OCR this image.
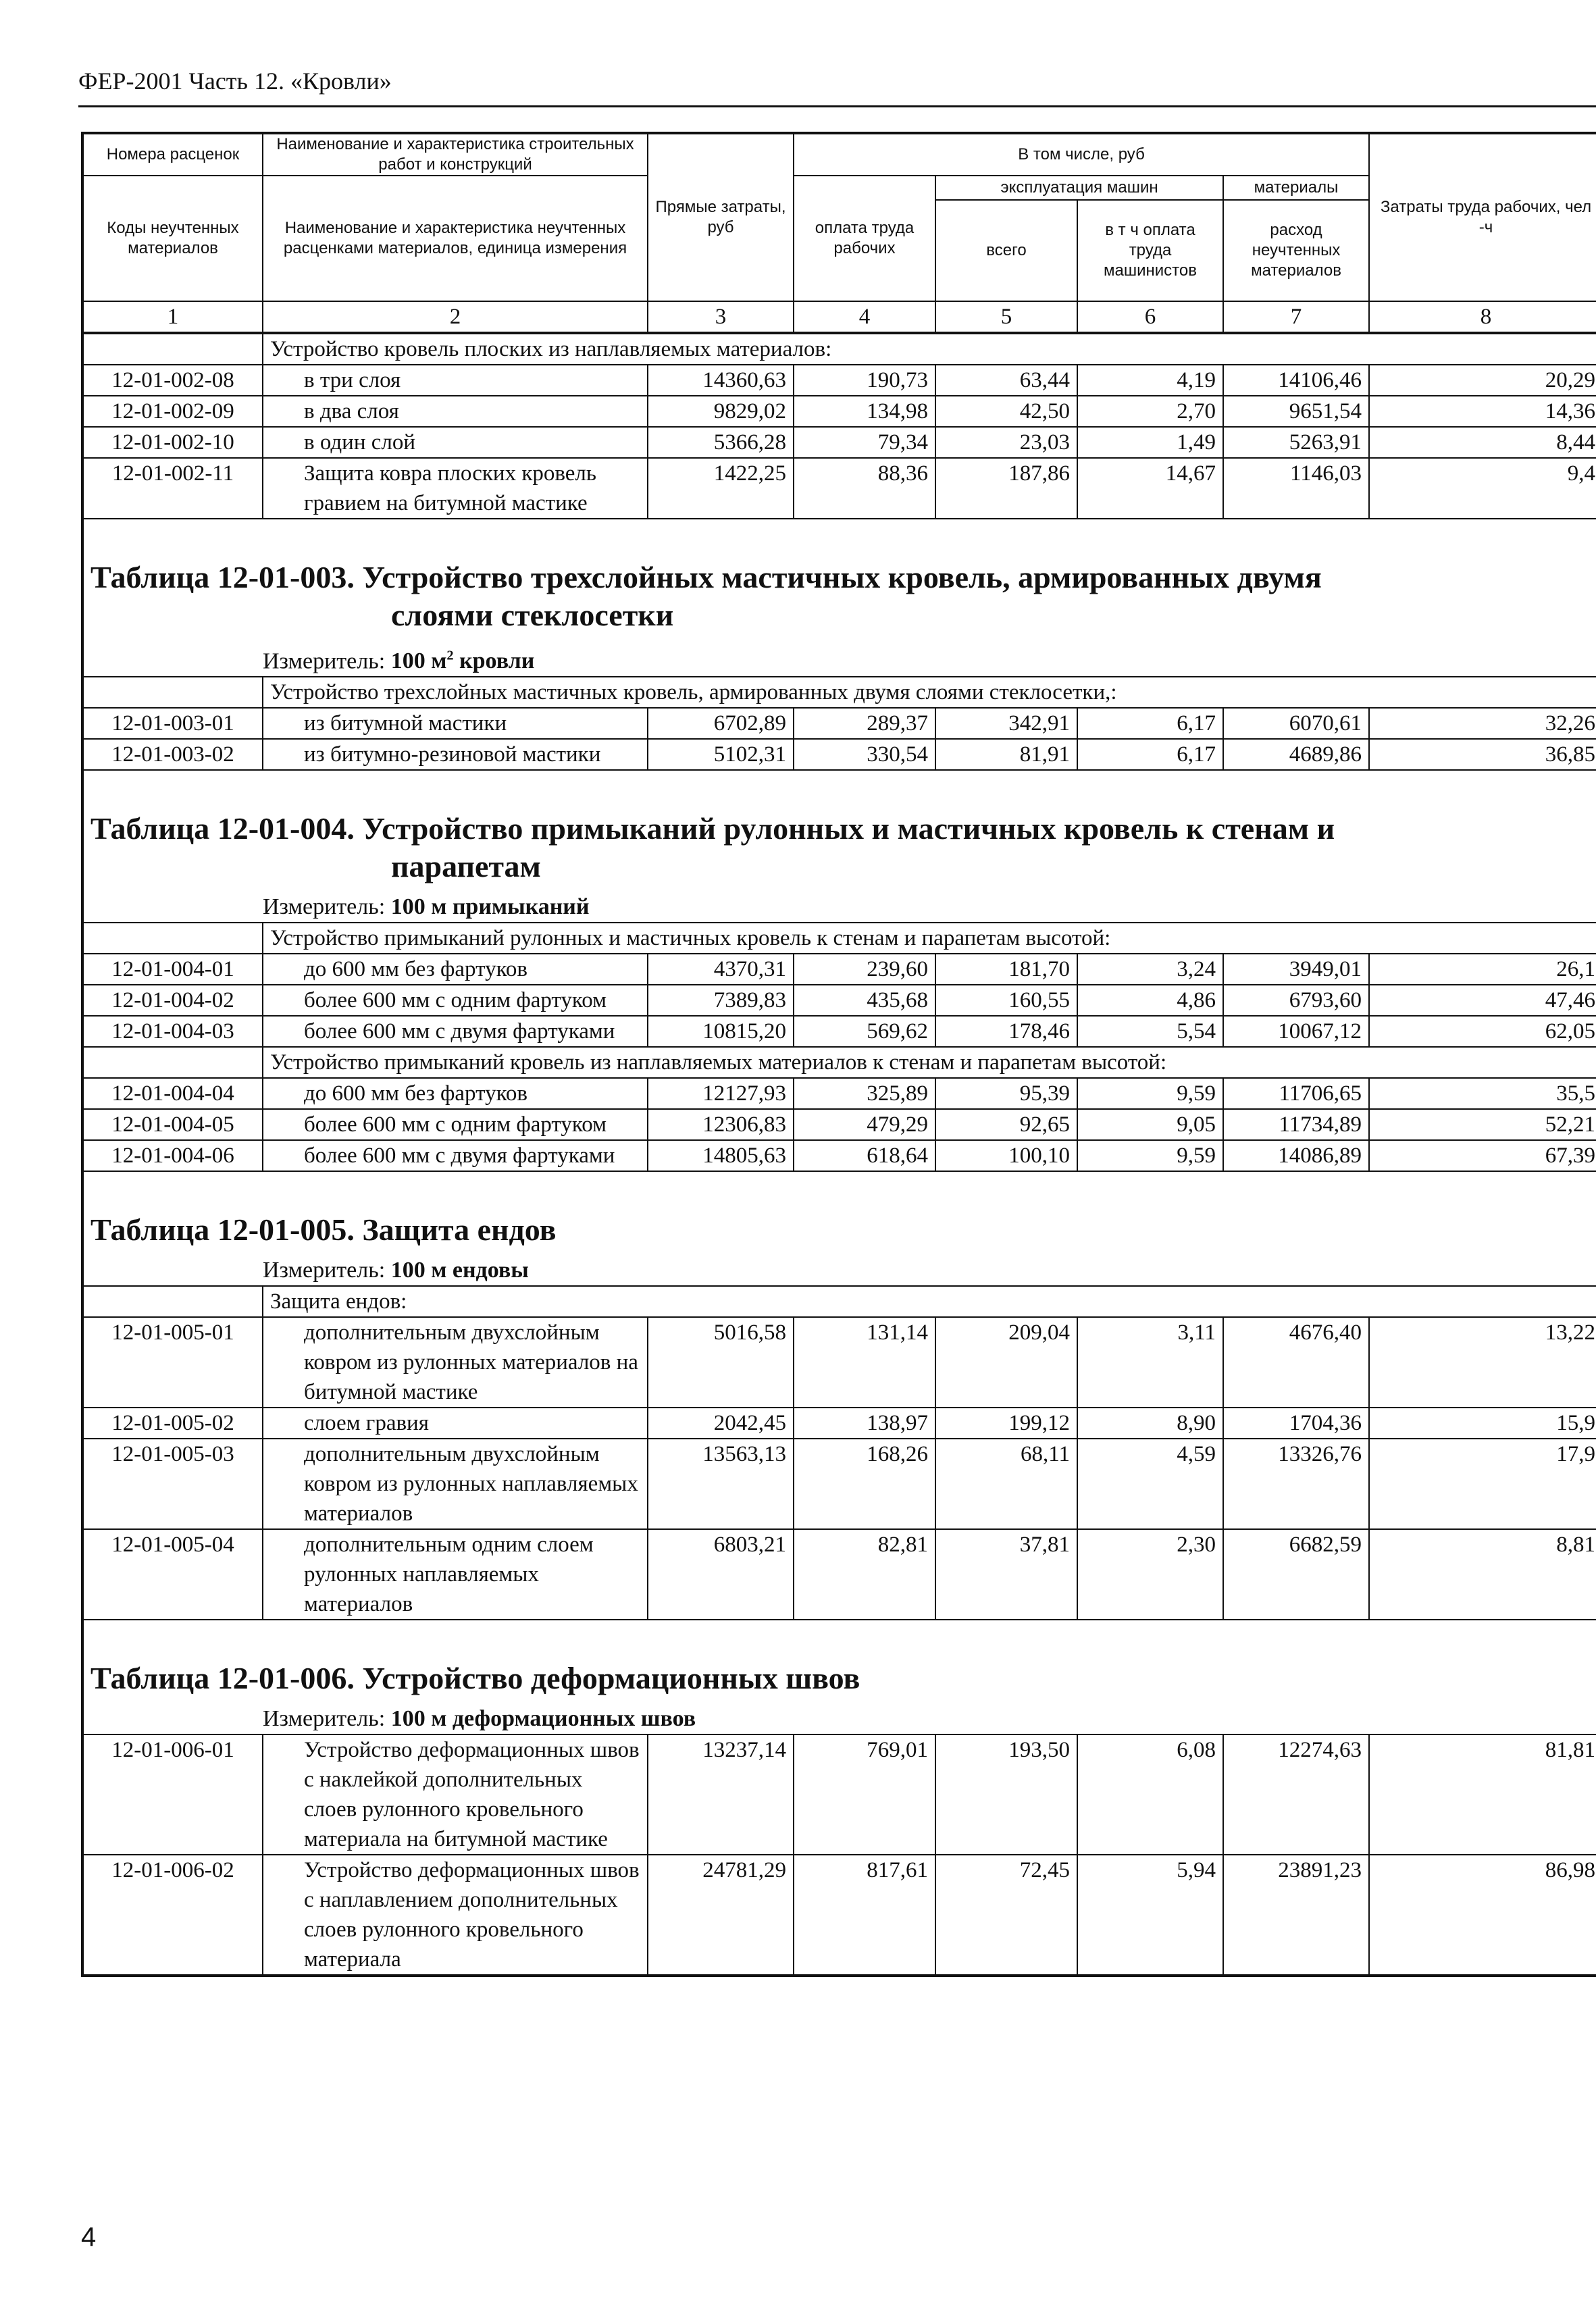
ФЕР-2001 Часть 12. «Кровли»
Номера расценок	Наименование и характеристика строительных работ и конструкций	Прямые затраты, руб	В том числе, руб				Затраты труда рабочих, чел -ч
Коды неучтенных материалов	Наименование и характеристика неучтенных расценками материалов, единица измерения		оплата труда рабочих	эксплуатация машин		материалы	
				всего	в т ч оплата труда машинистов	расход неучтенных материалов	
1	2	3	4	5	6	7	8
	Устройство кровель плоских из наплавляемых материалов:						
12-01-002-08	в три слоя	14360,63	190,73	63,44	4,19	14106,46	20,29
12-01-002-09	в два слоя	9829,02	134,98	42,50	2,70	9651,54	14,36
12-01-002-10	в один слой	5366,28	79,34	23,03	1,49	5263,91	8,44
12-01-002-11	Защита ковра плоских кровель гравием на битумной мастике	1422,25	88,36	187,86	14,67	1146,03	9,4
Таблица 12-01-003. Устройство трехслойных мастичных кровель, армированных двумя
слоями стеклосетки
Измеритель: 100 $м^2$ кровли
	Устройство трехслойных мастичных кровель, армированных двумя слоями стеклосетки,:						
12-01-003-01	из битумной мастики	6702,89	289,37	342,91	6,17	6070,61	32,26
12-01-003-02	из битумно-резиновой мастики	5102,31	330,54	81,91	6,17	4689,86	36,85
Таблица 12-01-004. Устройство примыканий рулонных и мастичных кровель к стенам и
парапетам
Измеритель: 100 м примыканий
	Устройство примыканий рулонных и мастичных кровель к стенам и парапетам высотой:						
12-01-004-01	до 600 мм без фартуков	4370,31	239,60	181,70	3,24	3949,01	26,1
12-01-004-02	более 600 мм с одним фартуком	7389,83	435,68	160,55	4,86	6793,60	47,46
12-01-004-03	более 600 мм с двумя фартуками	10815,20	569,62	178,46	5,54	10067,12	62,05
	Устройство примыканий кровель из наплавляемых материалов к стенам и парапетам высотой:						
12-01-004-04	до 600 мм без фартуков	12127,93	325,89	95,39	9,59	11706,65	35,5
12-01-004-05	более 600 мм с одним фартуком	12306,83	479,29	92,65	9,05	11734,89	52,21
12-01-004-06	более 600 мм с двумя фартуками	14805,63	618,64	100,10	9,59	14086,89	67,39
Таблица 12-01-005. Защита ендов
Измеритель: 100 м ендовы
	Защита ендов:						
12-01-005-01	дополнительным двухслойным ковром из рулонных материалов на битумной мастике	5016,58	131,14	209,04	3,11	4676,40	13,22
12-01-005-02	слоем гравия	2042,45	138,97	199,12	8,90	1704,36	15,9
12-01-005-03	дополнительным двухслойным ковром из рулонных наплавляемых материалов	13563,13	168,26	68,11	4,59	13326,76	17,9
12-01-005-04	дополнительным одним слоем рулонных наплавляемых материалов	6803,21	82,81	37,81	2,30	6682,59	8,81
Таблица 12-01-006. Устройство деформационных швов
Измеритель: 100 м деформационных швов
12-01-006-01	Устройство деформационных швов с наклейкой дополнительных слоев рулонного кровельного материала на битумной мастике	13237,14	769,01	193,50	6,08	12274,63	81,81
12-01-006-02	Устройство деформационных швов с наплавлением дополнительных слоев рулонного кровельного материала	24781,29	817,61	72,45	5,94	23891,23	86,98
4
